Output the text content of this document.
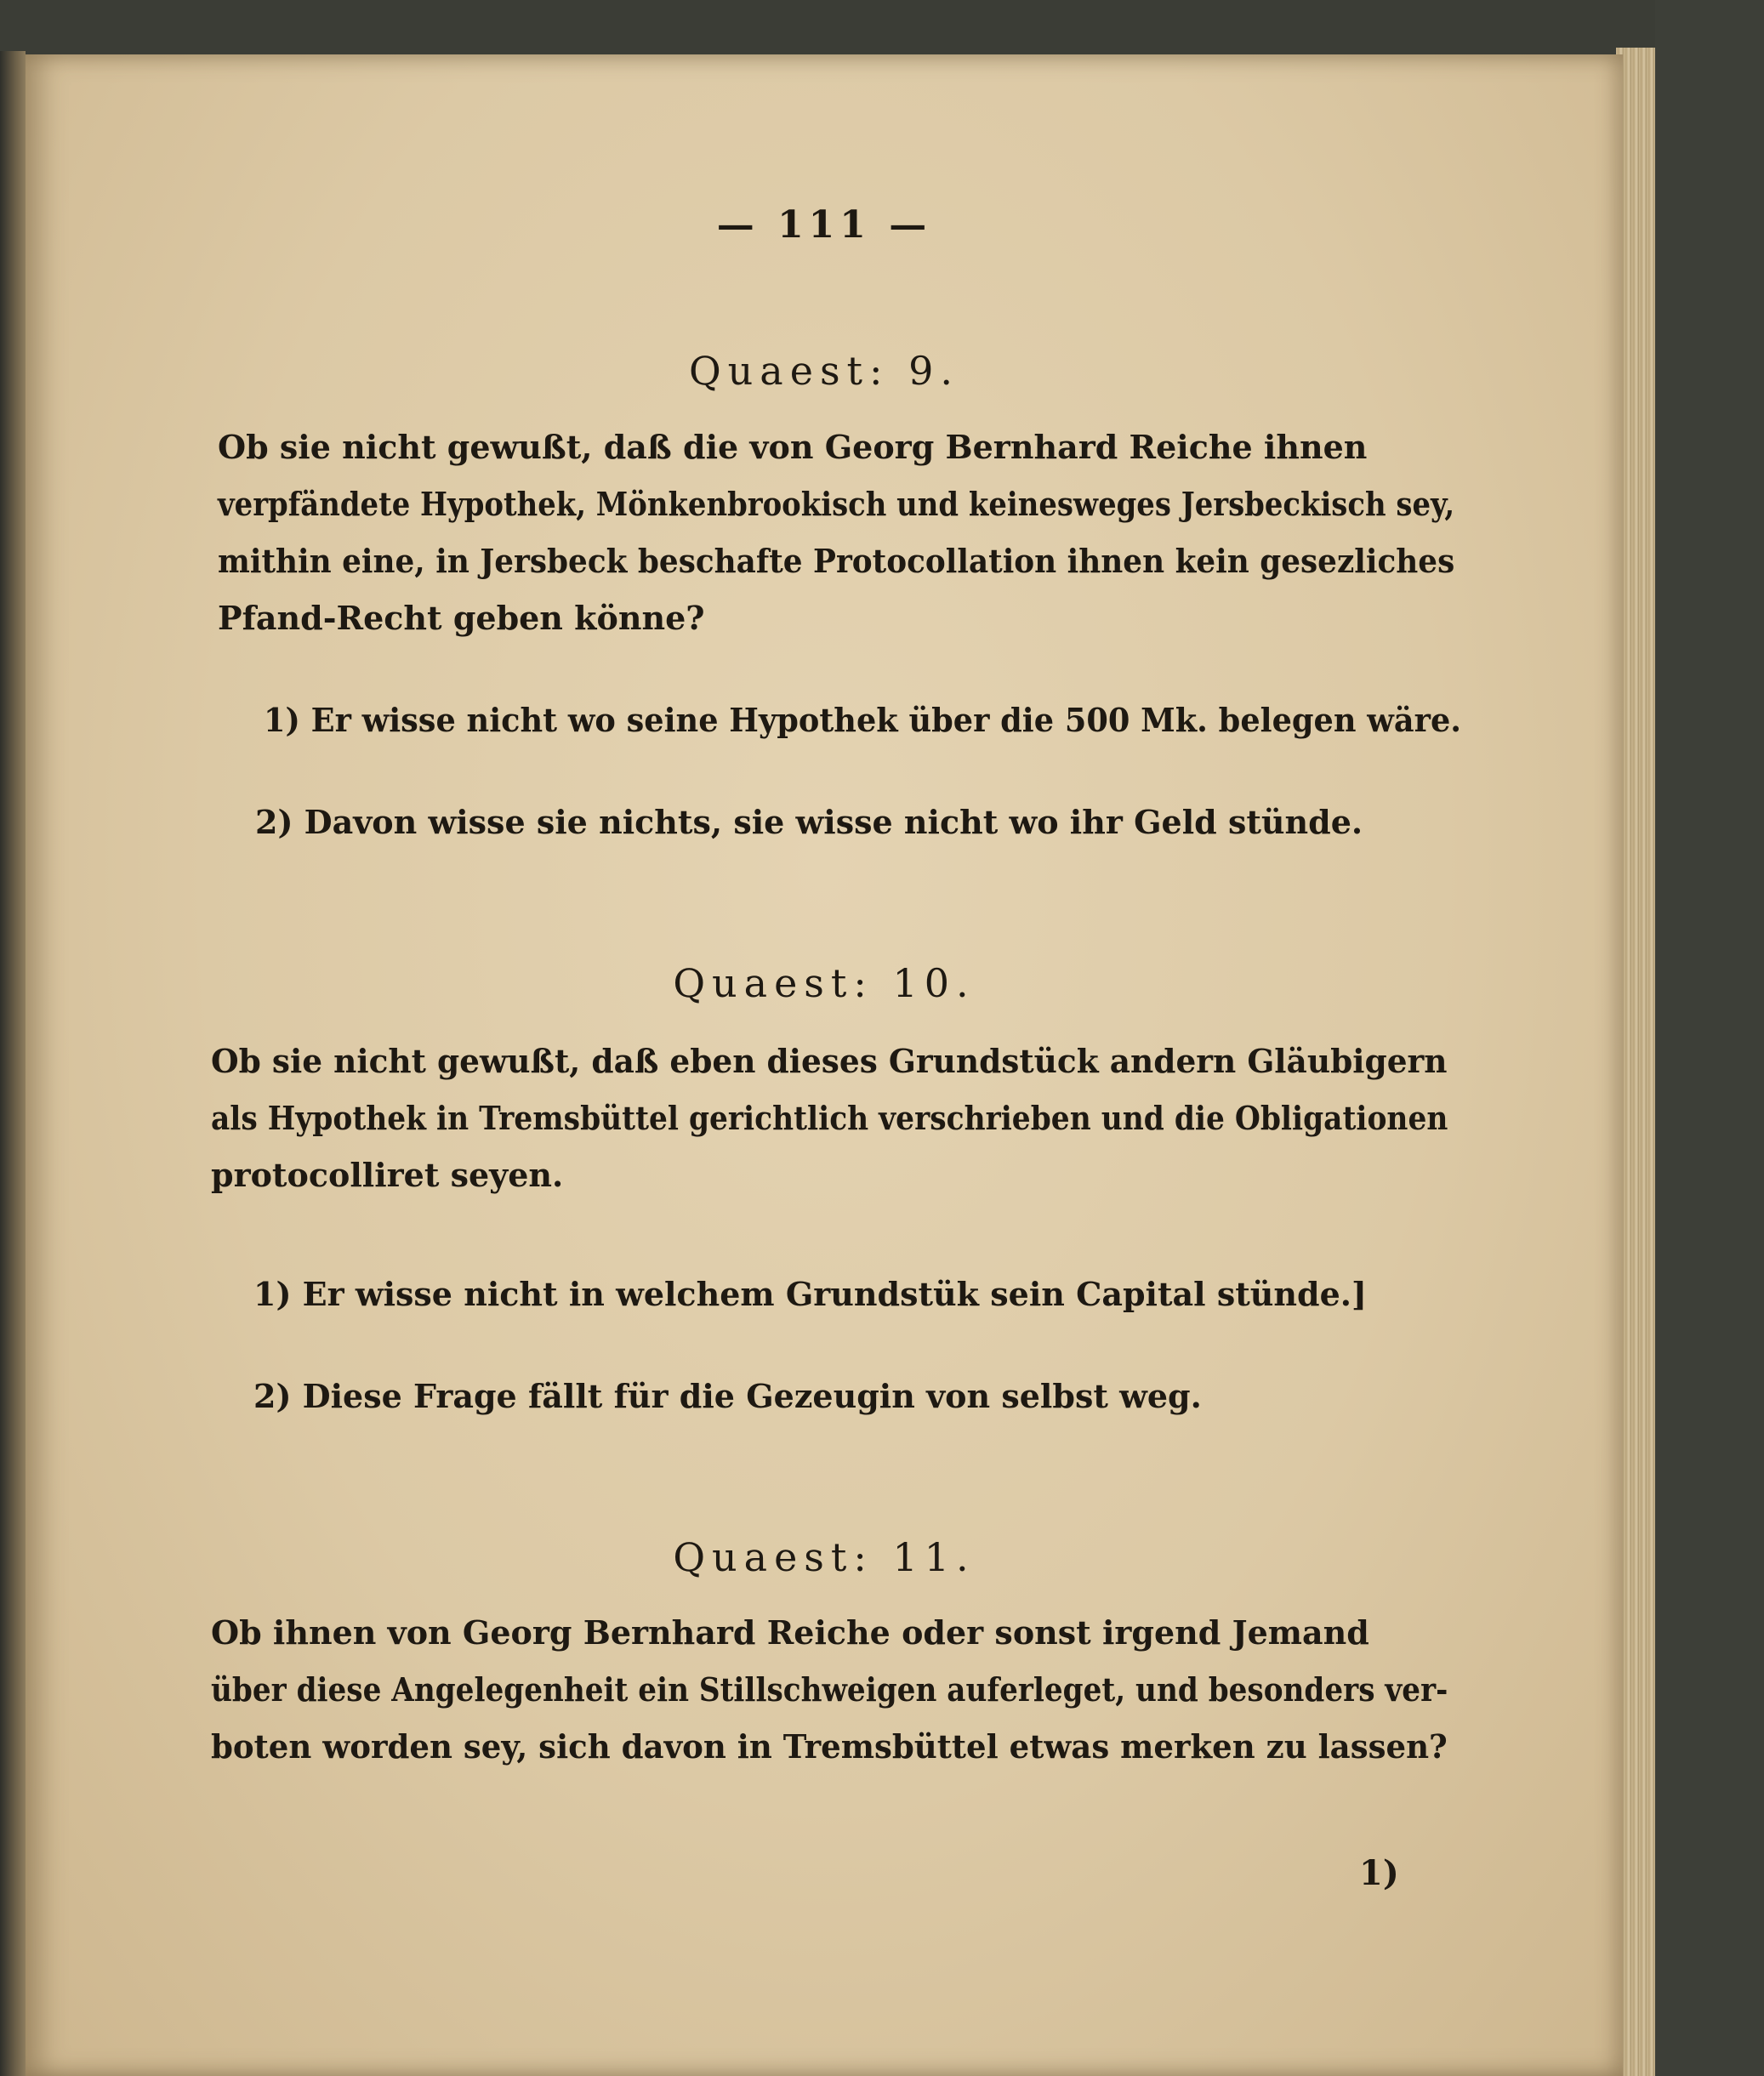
— 111 —
Quaest: 9.
Ob sie nicht gewußt, daß die von Georg Bernhard Reiche ihnen
verpfändete Hypothek, Mönkenbrookisch und keinesweges Jersbeckisch sey,
mithin eine, in Jersbeck beschafte Protocollation ihnen kein gesezliches
Pfand-Recht geben könne?
1) Er wisse nicht wo seine Hypothek über die 500 Mk. belegen wäre.
2) Davon wisse sie nichts, sie wisse nicht wo ihr Geld stünde.
Quaest: 10.
Ob sie nicht gewußt, daß eben dieses Grundstück andern Gläubigern
als Hypothek in Tremsbüttel gerichtlich verschrieben und die Obligationen
protocolliret seyen.
1) Er wisse nicht in welchem Grundstük sein Capital stünde.]
2) Diese Frage fällt für die Gezeugin von selbst weg.
Quaest: 11.
Ob ihnen von Georg Bernhard Reiche oder sonst irgend Jemand
über diese Angelegenheit ein Stillschweigen auferleget, und besonders ver-
boten worden sey, sich davon in Tremsbüttel etwas merken zu lassen?
1)
